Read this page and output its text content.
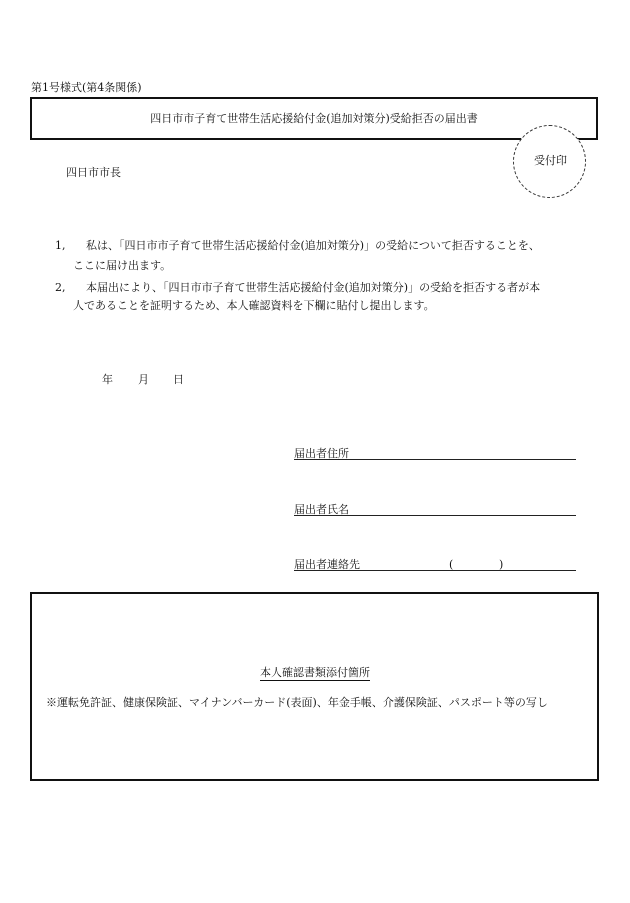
第1号様式(第4条関係)
四日市市子育て世帯生活応援給付金(追加対策分)受給拒否の届出書
受付印
四日市市長
1, 私は、「四日市市子育て世帯生活応援給付金(追加対策分)」の受給について拒否することを、
ここに届け出ます。
2, 本届出により、「四日市市子育て世帯生活応援給付金(追加対策分)」の受給を拒否する者が本
人であることを証明するため、本人確認資料を下欄に貼付し提出します。
年 月 日
届出者住所
届出者氏名
届出者連絡先	(	)
本人確認書類添付箇所
※運転免許証、健康保険証、マイナンバーカード(表面)、年金手帳、介護保険証、パスポート等の写し
